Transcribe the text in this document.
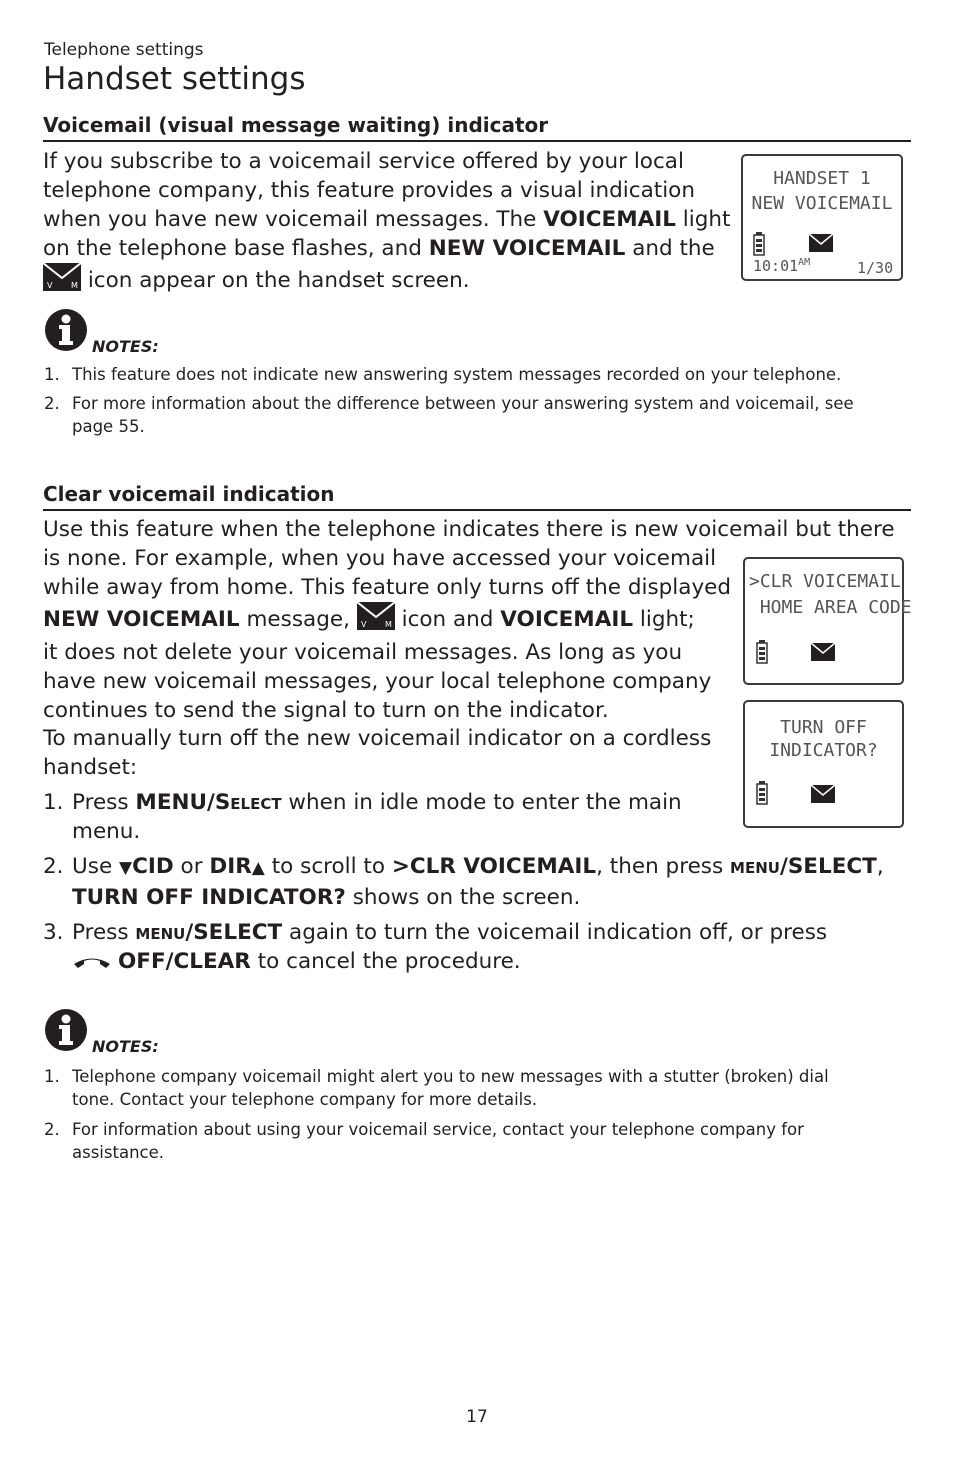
Telephone settings
Handset settings
Voicemail (visual message waiting) indicator
If you subscribe to a voicemail service offered by your local
telephone company, this feature provides a visual indication
when you have new voicemail messages. The VOICEMAIL light
on the telephone base flashes, and NEW VOICEMAIL and the
V M icon appear on the handset screen.
HANDSET 1
NEW VOICEMAIL
$10:01^{AM}$	1/30
NOTES:
1. This feature does not indicate new answering system messages recorded on your telephone.
2. For more information about the difference between your answering system and voicemail, see
page 55.
Clear voicemail indication
Use this feature when the telephone indicates there is new voicemail but there
is none. For example, when you have accessed your voicemail
while away from home. This feature only turns off the displayed
NEW VOICEMAIL message, V M icon and VOICEMAIL light;
it does not delete your voicemail messages. As long as you
have new voicemail messages, your local telephone company
continues to send the signal to turn on the indicator.
To manually turn off the new voicemail indicator on a cordless
handset:
>CLR VOICEMAIL
HOME AREA CODE
TURN OFF
INDICATOR?
1. Press MENU/Select when in idle mode to enter the main
menu.
2. Use ▼CID or DIR▲ to scroll to >CLR VOICEMAIL, then press menu/SELECT,
TURN OFF INDICATOR? shows on the screen.
3. Press menu/SELECT again to turn the voicemail indication off, or press
OFF/CLEAR to cancel the procedure.
NOTES:
1. Telephone company voicemail might alert you to new messages with a stutter (broken) dial
tone. Contact your telephone company for more details.
2. For information about using your voicemail service, contact your telephone company for
assistance.
17
